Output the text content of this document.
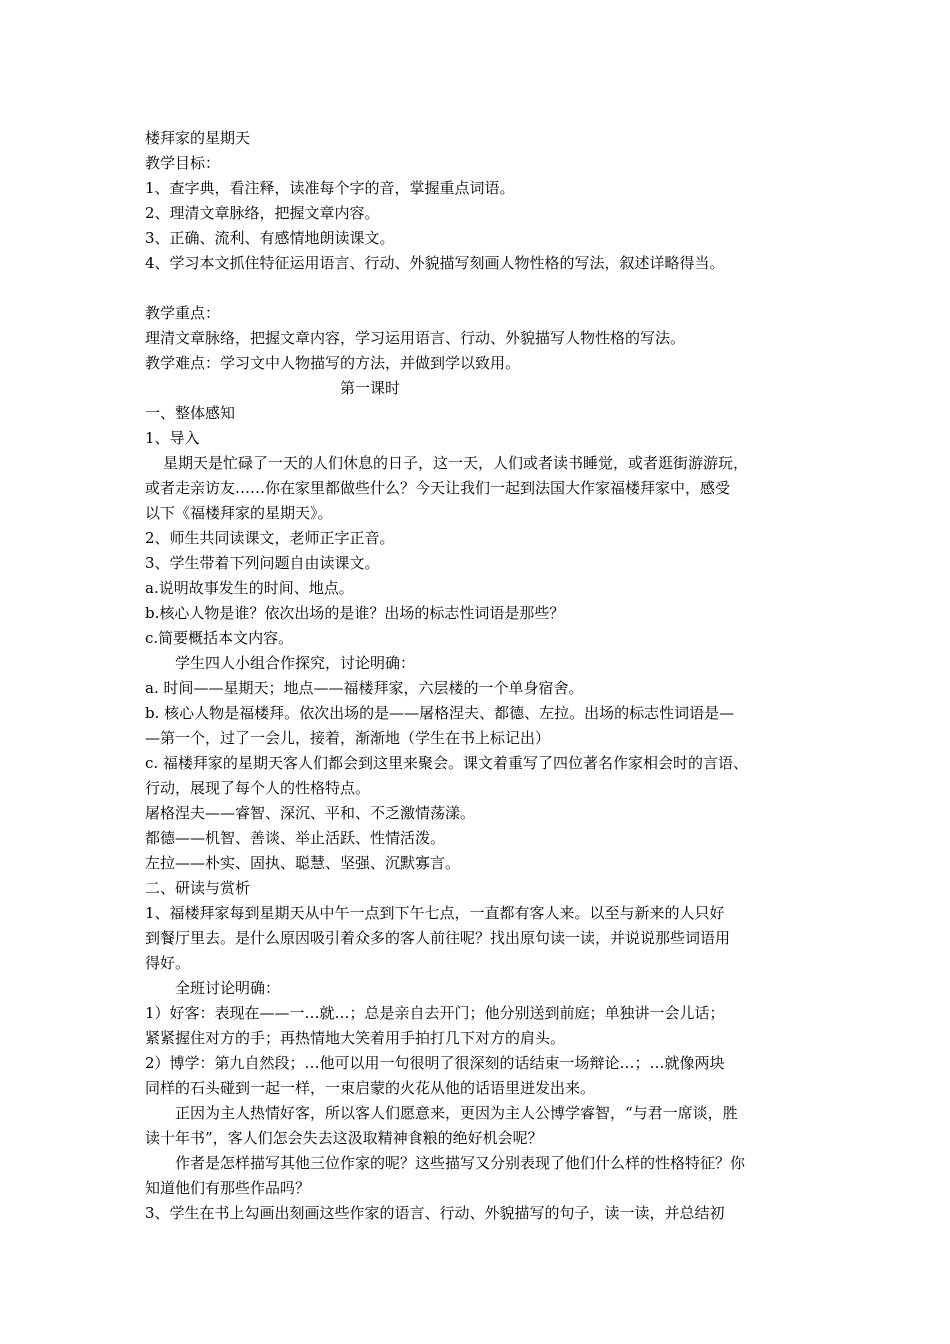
楼拜家的星期天
教学目标：
1、查字典，看注释，读准每个字的音，掌握重点词语。
2、理清文章脉络，把握文章内容。
3、正确、流利、有感情地朗读课文。
4、学习本文抓住特征运用语言、行动、外貌描写刻画人物性格的写法，叙述详略得当。
教学重点：
理清文章脉络，把握文章内容，学习运用语言、行动、外貌描写人物性格的写法。
教学难点：学习文中人物描写的方法，并做到学以致用。
第一课时
一、整体感知
1、导入
星期天是忙碌了一天的人们休息的日子，这一天，人们或者读书睡觉，或者逛街游游玩，
或者走亲访友……你在家里都做些什么？今天让我们一起到法国大作家福楼拜家中，感受
以下《福楼拜家的星期天》。
2、师生共同读课文，老师正字正音。
3、学生带着下列问题自由读课文。
a.说明故事发生的时间、地点。
b.核心人物是谁？依次出场的是谁？出场的标志性词语是那些？
c.简要概括本文内容。
学生四人小组合作探究，讨论明确：
a. 时间——星期天；地点——福楼拜家，六层楼的一个单身宿舍。
b. 核心人物是福楼拜。依次出场的是——屠格涅夫、都德、左拉。出场的标志性词语是—
—第一个，过了一会儿，接着，渐渐地（学生在书上标记出）
c. 福楼拜家的星期天客人们都会到这里来聚会。课文着重写了四位著名作家相会时的言语、
行动，展现了每个人的性格特点。
屠格涅夫——睿智、深沉、平和、不乏激情荡漾。
都德——机智、善谈、举止活跃、性情活泼。
左拉——朴实、固执、聪慧、坚强、沉默寡言。
二、研读与赏析
1、福楼拜家每到星期天从中午一点到下午七点，一直都有客人来。以至与新来的人只好
到餐厅里去。是什么原因吸引着众多的客人前往呢？找出原句读一读，并说说那些词语用
得好。
全班讨论明确：
1）好客：表现在——一…就…；总是亲自去开门；他分别送到前庭；单独讲一会儿话；
紧紧握住对方的手；再热情地大笑着用手拍打几下对方的肩头。
2）博学：第九自然段；…他可以用一句很明了很深刻的话结束一场辩论…；…就像两块
同样的石头碰到一起一样，一束启蒙的火花从他的话语里迸发出来。
正因为主人热情好客，所以客人们愿意来，更因为主人公博学睿智，“与君一席谈，胜
读十年书”，客人们怎会失去这汲取精神食粮的绝好机会呢？
作者是怎样描写其他三位作家的呢？这些描写又分别表现了他们什么样的性格特征？你
知道他们有那些作品吗？
3、学生在书上勾画出刻画这些作家的语言、行动、外貌描写的句子，读一读，并总结初
